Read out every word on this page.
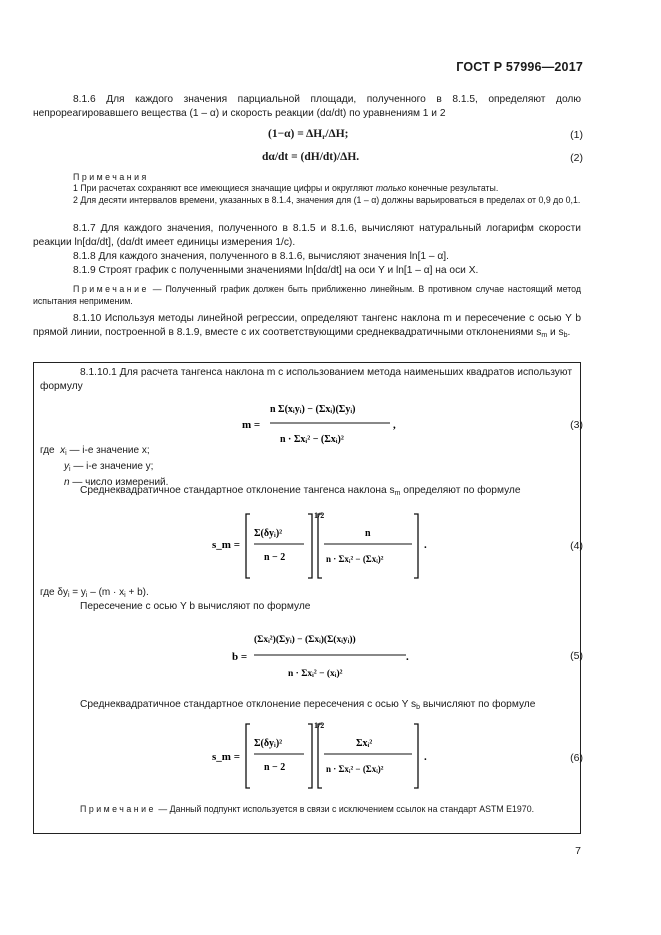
ГОСТ Р 57996—2017
8.1.6 Для каждого значения парциальной площади, полученного в 8.1.5, определяют долю непрореагировавшего вещества (1 – α) и скорость реакции (dα/dt) по уравнениям 1 и 2
$(1-\alpha) = \Delta H_r/\Delta H$;	(1)
dα/dt = (dH/dt)/ΔH.	(2)
Примечания
1 При расчетах сохраняют все имеющиеся значащие цифры и округляют только конечные результаты.
2 Для десяти интервалов времени, указанных в 8.1.4, значения для (1 – α) должны варьироваться в пределах от 0,9 до 0,1.
8.1.7 Для каждого значения, полученного в 8.1.5 и 8.1.6, вычисляют натуральный логарифм скорости реакции ln[dα/dt], (dα/dt имеет единицы измерения 1/с).
8.1.8 Для каждого значения, полученного в 8.1.6, вычисляют значения ln[1 – α].
8.1.9 Строят график с полученными значениями ln[dα/dt] на оси Y и ln[1 – α] на оси X.
Примечание — Полученный график должен быть приближенно линейным. В противном случае настоящий метод испытания неприменим.
8.1.10 Используя методы линейной регрессии, определяют тангенс наклона m и пересечение с осью Y b прямой линии, построенной в 8.1.9, вместе с их соответствующими среднеквадратичными отклонениями $s_m$ и $s_b$.
8.1.10.1 Для расчета тангенса наклона m с использованием метода наименьших квадратов используют формулу
m =
n Σ(xᵢyᵢ) − (Σxᵢ)(Σyᵢ)
n · Σxᵢ² − (Σxᵢ)²
,	(3)
где $x_i$ — i-е значение x;
$y_i$ — i-е значение y;
n — число измерений.
Среднеквадратичное стандартное отклонение тангенса наклона $s_m$ определяют по формуле
s_m =
Σ(δyᵢ)²
n − 2
1/2
n
n · Σxᵢ² − (Σxᵢ)²
.	(4)
где $\delta y_i = y_i - (m \cdot x_i + b)$.
Пересечение с осью Y b вычисляют по формуле
b =
(Σxᵢ²)(Σyᵢ) − (Σxᵢ)(Σ(xᵢyᵢ))
n · Σxᵢ² − (xᵢ)²
.	(5)
Среднеквадратичное стандартное отклонение пересечения с осью Y $s_b$ вычисляют по формуле
s_m =
Σ(δyᵢ)²
n − 2
1/2
Σxᵢ²
n · Σxᵢ² − (Σxᵢ)²
.	(6)
Примечание — Данный подпункт используется в связи с исключением ссылок на стандарт ASTM E1970.
7
